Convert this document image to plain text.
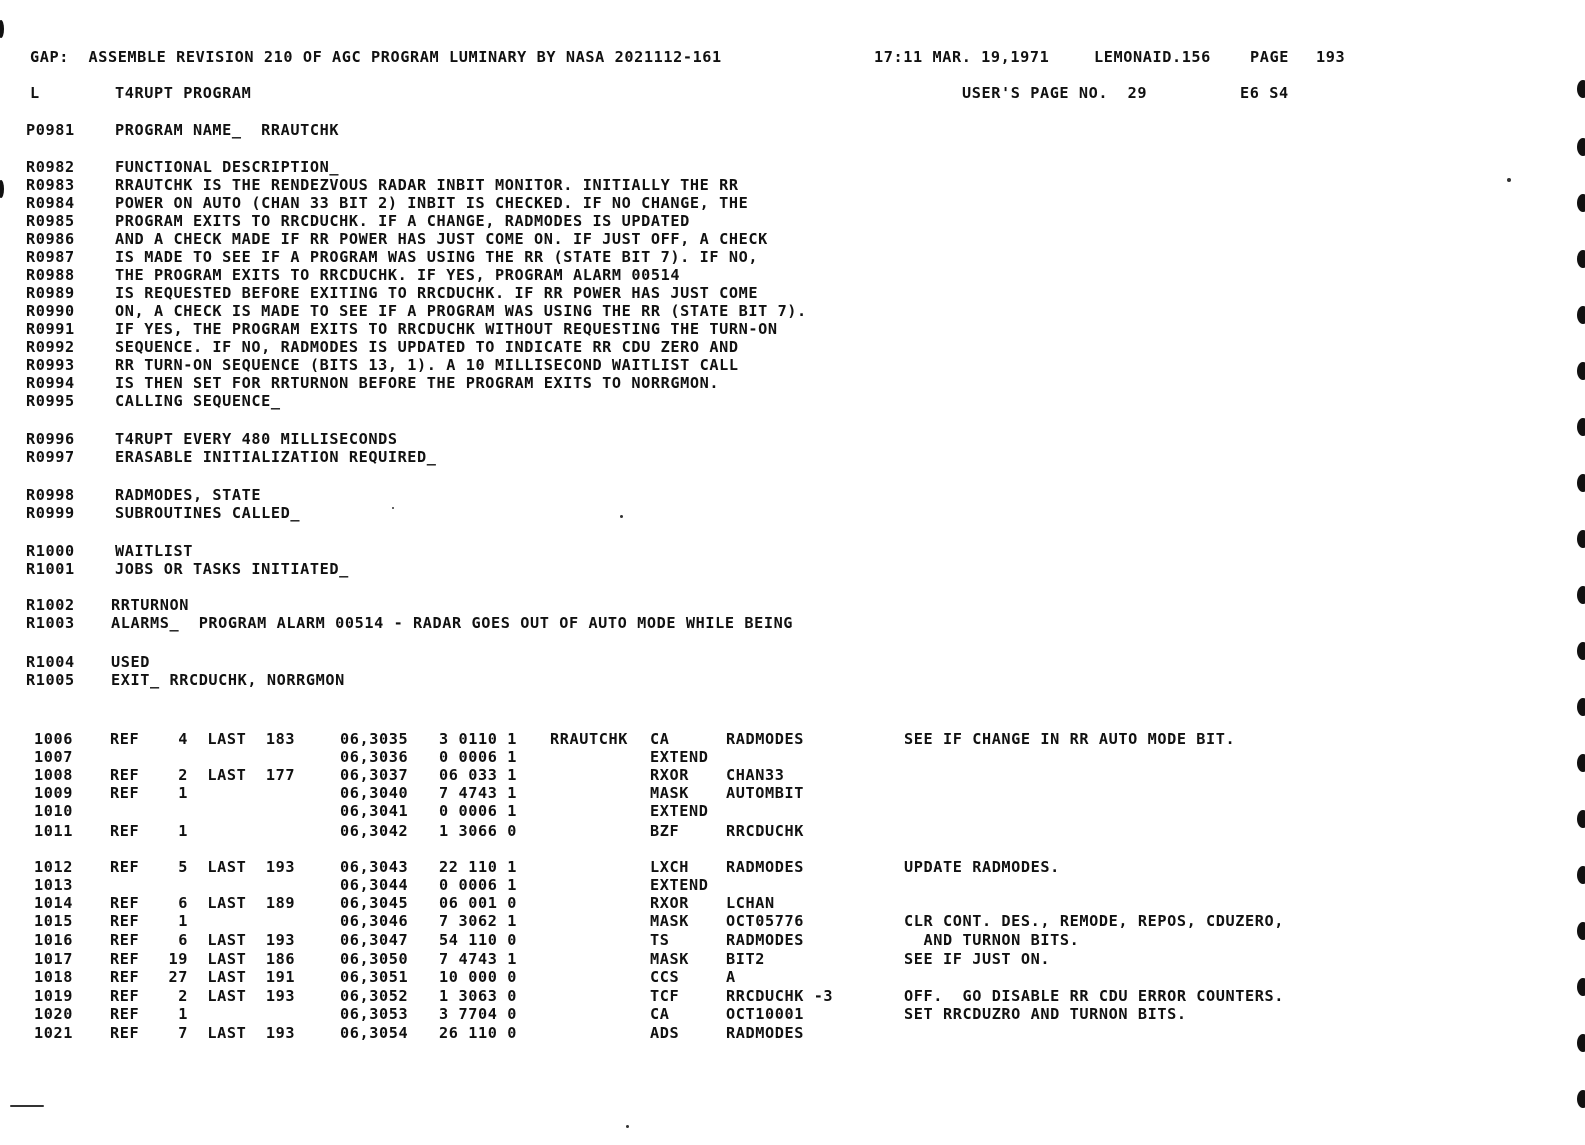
GAP:  ASSEMBLE REVISION 210 OF AGC PROGRAM LUMINARY BY NASA 2021112-161	17:11 MAR. 19,1971	LEMONAID.156	PAGE 193
L	T4RUPT PROGRAM	USER'S PAGE NO.  29	E6 S4
P0981	PROGRAM NAME_  RRAUTCHK
R0982	FUNCTIONAL DESCRIPTION_
R0983	RRAUTCHK IS THE RENDEZVOUS RADAR INBIT MONITOR. INITIALLY THE RR
R0984	POWER ON AUTO (CHAN 33 BIT 2) INBIT IS CHECKED. IF NO CHANGE, THE
R0985	PROGRAM EXITS TO RRCDUCHK. IF A CHANGE, RADMODES IS UPDATED
R0986	AND A CHECK MADE IF RR POWER HAS JUST COME ON. IF JUST OFF, A CHECK
R0987	IS MADE TO SEE IF A PROGRAM WAS USING THE RR (STATE BIT 7). IF NO,
R0988	THE PROGRAM EXITS TO RRCDUCHK. IF YES, PROGRAM ALARM 00514
R0989	IS REQUESTED BEFORE EXITING TO RRCDUCHK. IF RR POWER HAS JUST COME
R0990	ON, A CHECK IS MADE TO SEE IF A PROGRAM WAS USING THE RR (STATE BIT 7).
R0991	IF YES, THE PROGRAM EXITS TO RRCDUCHK WITHOUT REQUESTING THE TURN-ON
R0992	SEQUENCE. IF NO, RADMODES IS UPDATED TO INDICATE RR CDU ZERO AND
R0993	RR TURN-ON SEQUENCE (BITS 13, 1). A 10 MILLISECOND WAITLIST CALL
R0994	IS THEN SET FOR RRTURNON BEFORE THE PROGRAM EXITS TO NORRGMON.
R0995	CALLING SEQUENCE_
R0996	T4RUPT EVERY 480 MILLISECONDS
R0997	ERASABLE INITIALIZATION REQUIRED_
R0998	RADMODES, STATE
R0999	SUBROUTINES CALLED_
R1000	WAITLIST
R1001	JOBS OR TASKS INITIATED_
R1002 RRTURNON
R1003 ALARMS_  PROGRAM ALARM 00514 - RADAR GOES OUT OF AUTO MODE WHILE BEING
R1004 USED
R1005 EXIT_ RRCDUCHK, NORRGMON
1006 REF    4  LAST  183	06,3035 3 0110 1 RRAUTCHK CA	RADMODES	SEE IF CHANGE IN RR AUTO MODE BIT.
1007	06,3036 0 0006 1	EXTEND
1008 REF    2  LAST  177	06,3037 06 033 1	RXOR CHAN33
1009 REF    1	06,3040 7 4743 1	MASK AUTOMBIT
1010	06,3041 0 0006 1	EXTEND
1011 REF    1	06,3042 1 3066 0	BZF	RRCDUCHK
1012 REF    5  LAST  193	06,3043 22 110 1	LXCH RADMODES	UPDATE RADMODES.
1013	06,3044 0 0006 1	EXTEND
1014 REF    6  LAST  189	06,3045 06 001 0	RXOR LCHAN
1015 REF    1	06,3046 7 3062 1	MASK OCT05776	CLR CONT. DES., REMODE, REPOS, CDUZERO,
1016 REF    6  LAST  193	06,3047 54 110 0	TS	RADMODES	AND TURNON BITS.
1017 REF   19  LAST  186	06,3050 7 4743 1	MASK BIT2	SEE IF JUST ON.
1018 REF   27  LAST  191	06,3051 10 000 0	CCS	A
1019 REF    2  LAST  193	06,3052 1 3063 0	TCF	RRCDUCHK -3	OFF.  GO DISABLE RR CDU ERROR COUNTERS.
1020 REF    1	06,3053 3 7704 0	CA	OCT10001	SET RRCDUZRO AND TURNON BITS.
1021 REF    7  LAST  193	06,3054 26 110 0	ADS	RADMODES
